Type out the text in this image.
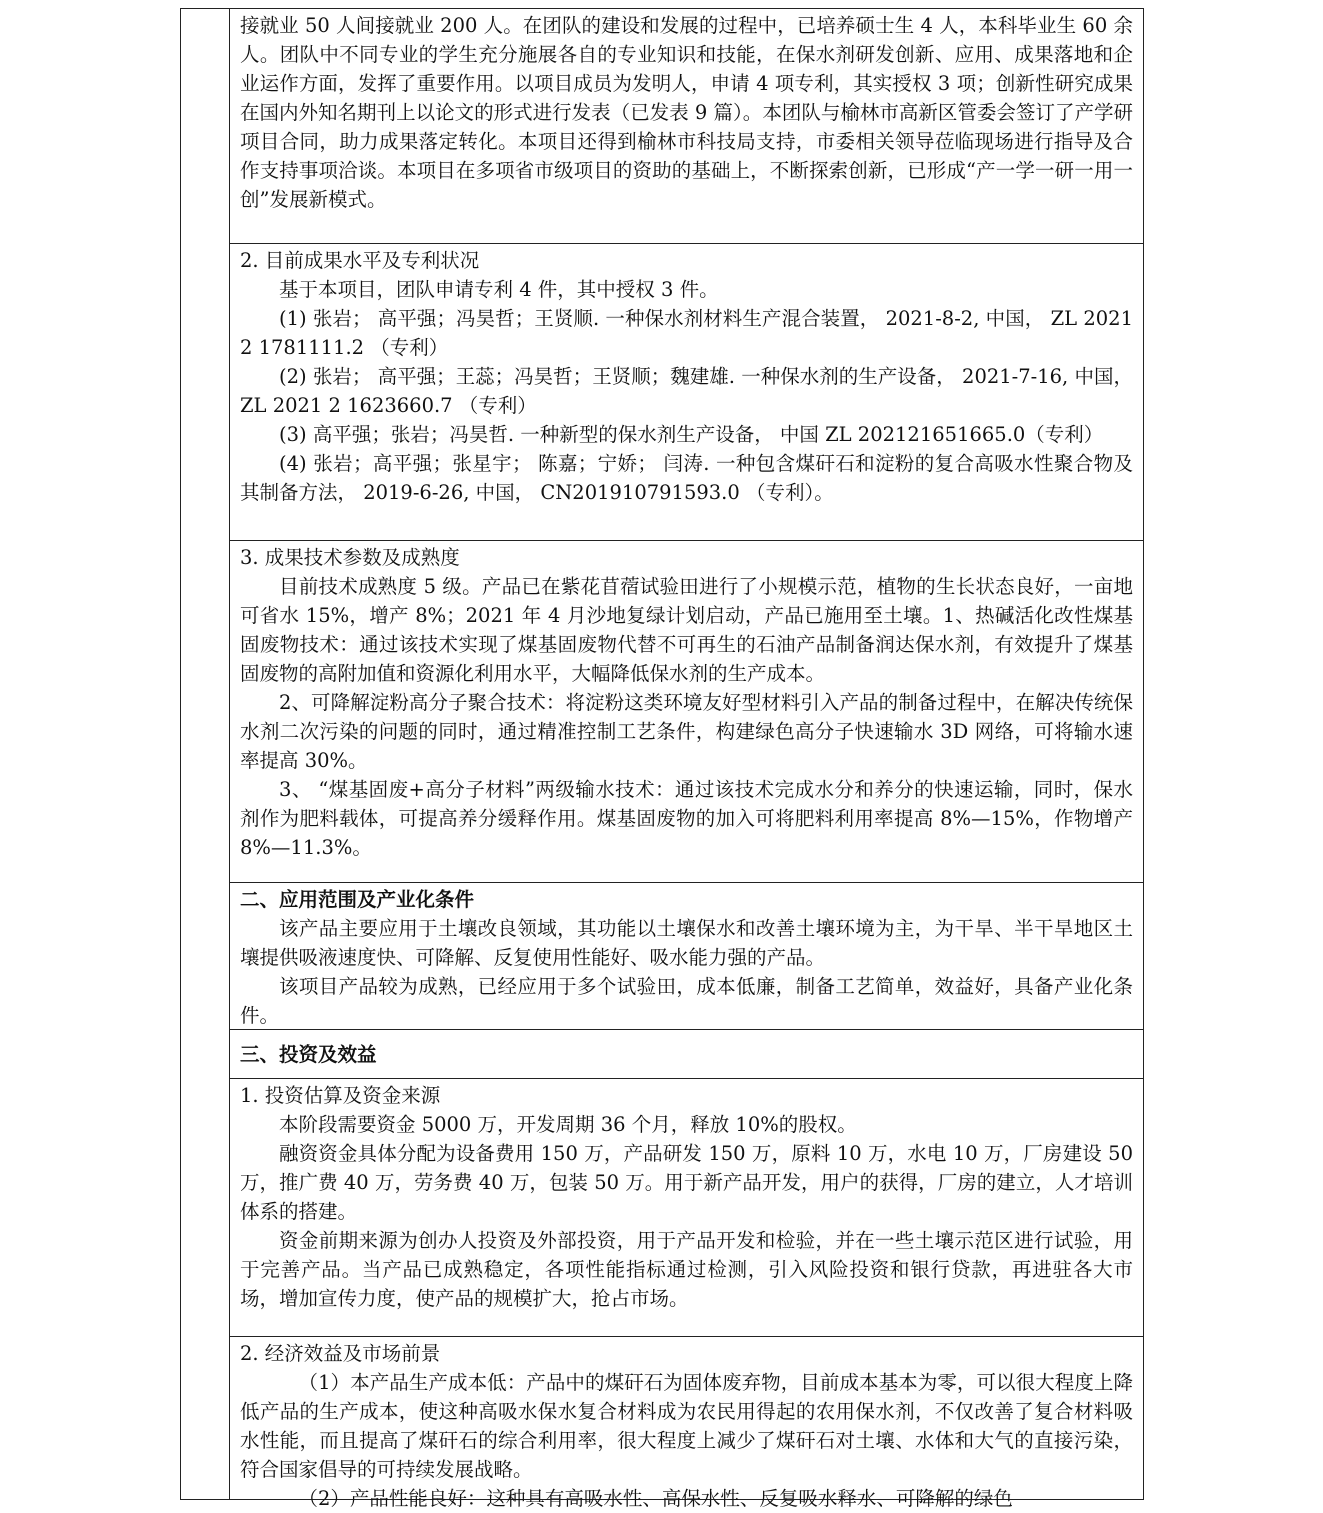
接就业 50 人间接就业 200 人。在团队的建设和发展的过程中，已培养硕士生 4 人，本科毕业生 60 余人。团队中不同专业的学生充分施展各自的专业知识和技能，在保水剂研发创新、应用、成果落地和企业运作方面，发挥了重要作用。以项目成员为发明人，申请 4 项专利，其实授权 3 项；创新性研究成果在国内外知名期刊上以论文的形式进行发表（已发表 9 篇）。本团队与榆林市高新区管委会签订了产学研项目合同，助力成果落定转化。本项目还得到榆林市科技局支持，市委相关领导莅临现场进行指导及合作支持事项洽谈。本项目在多项省市级项目的资助的基础上，不断探索创新，已形成“产一学一研一用一创”发展新模式。

2. 目前成果水平及专利状况

基于本项目，团队申请专利 4 件，其中授权 3 件。

(1) 张岩； 高平强；冯昊哲；王贤顺. 一种保水剂材料生产混合装置， 2021-8-2, 中国， ZL 2021 2 1781111.2 （专利）

(2) 张岩； 高平强；王蕊；冯昊哲；王贤顺；魏建雄. 一种保水剂的生产设备， 2021-7-16, 中国， ZL 2021 2 1623660.7 （专利）

(3) 高平强；张岩；冯昊哲. 一种新型的保水剂生产设备， 中国 ZL 202121651665.0（专利）

(4) 张岩；高平强；张星宇； 陈嘉；宁娇； 闫涛. 一种包含煤矸石和淀粉的复合高吸水性聚合物及其制备方法， 2019-6-26, 中国， CN201910791593.0 （专利）。

3. 成果技术参数及成熟度

目前技术成熟度 5 级。产品已在紫花苜蓿试验田进行了小规模示范，植物的生长状态良好，一亩地可省水 15%，增产 8%；2021 年 4 月沙地复绿计划启动，产品已施用至土壤。1、热碱活化改性煤基固废物技术：通过该技术实现了煤基固废物代替不可再生的石油产品制备润达保水剂，有效提升了煤基固废物的高附加值和资源化利用水平，大幅降低保水剂的生产成本。

2、可降解淀粉高分子聚合技术：将淀粉这类环境友好型材料引入产品的制备过程中，在解决传统保水剂二次污染的问题的同时，通过精准控制工艺条件，构建绿色高分子快速输水 3D 网络，可将输水速率提高 30%。

3、 “煤基固废+高分子材料”两级输水技术：通过该技术完成水分和养分的快速运输，同时，保水剂作为肥料载体，可提高养分缓释作用。煤基固废物的加入可将肥料利用率提高 8%—15%，作物增产 8%—11.3%。

二、应用范围及产业化条件

该产品主要应用于土壤改良领域，其功能以土壤保水和改善土壤环境为主，为干旱、半干旱地区土壤提供吸液速度快、可降解、反复使用性能好、吸水能力强的产品。

该项目产品较为成熟，已经应用于多个试验田，成本低廉，制备工艺简单，效益好，具备产业化条件。

三、投资及效益
1. 投资估算及资金来源

本阶段需要资金 5000 万，开发周期 36 个月，释放 10%的股权。

融资资金具体分配为设备费用 150 万，产品研发 150 万，原料 10 万，水电 10 万，厂房建设 50 万，推广费 40 万，劳务费 40 万，包装 50 万。用于新产品开发，用户的获得，厂房的建立，人才培训体系的搭建。

资金前期来源为创办人投资及外部投资，用于产品开发和检验，并在一些土壤示范区进行试验，用于完善产品。当产品已成熟稳定，各项性能指标通过检测，引入风险投资和银行贷款，再进驻各大市场，增加宣传力度，使产品的规模扩大，抢占市场。

2. 经济效益及市场前景

（1）本产品生产成本低：产品中的煤矸石为固体废弃物，目前成本基本为零，可以很大程度上降低产品的生产成本，使这种高吸水保水复合材料成为农民用得起的农用保水剂，不仅改善了复合材料吸水性能，而且提高了煤矸石的综合利用率，很大程度上减少了煤矸石对土壤、水体和大气的直接污染，符合国家倡导的可持续发展战略。

（2）产品性能良好：这种具有高吸水性、高保水性、反复吸水释水、可降解的绿色
